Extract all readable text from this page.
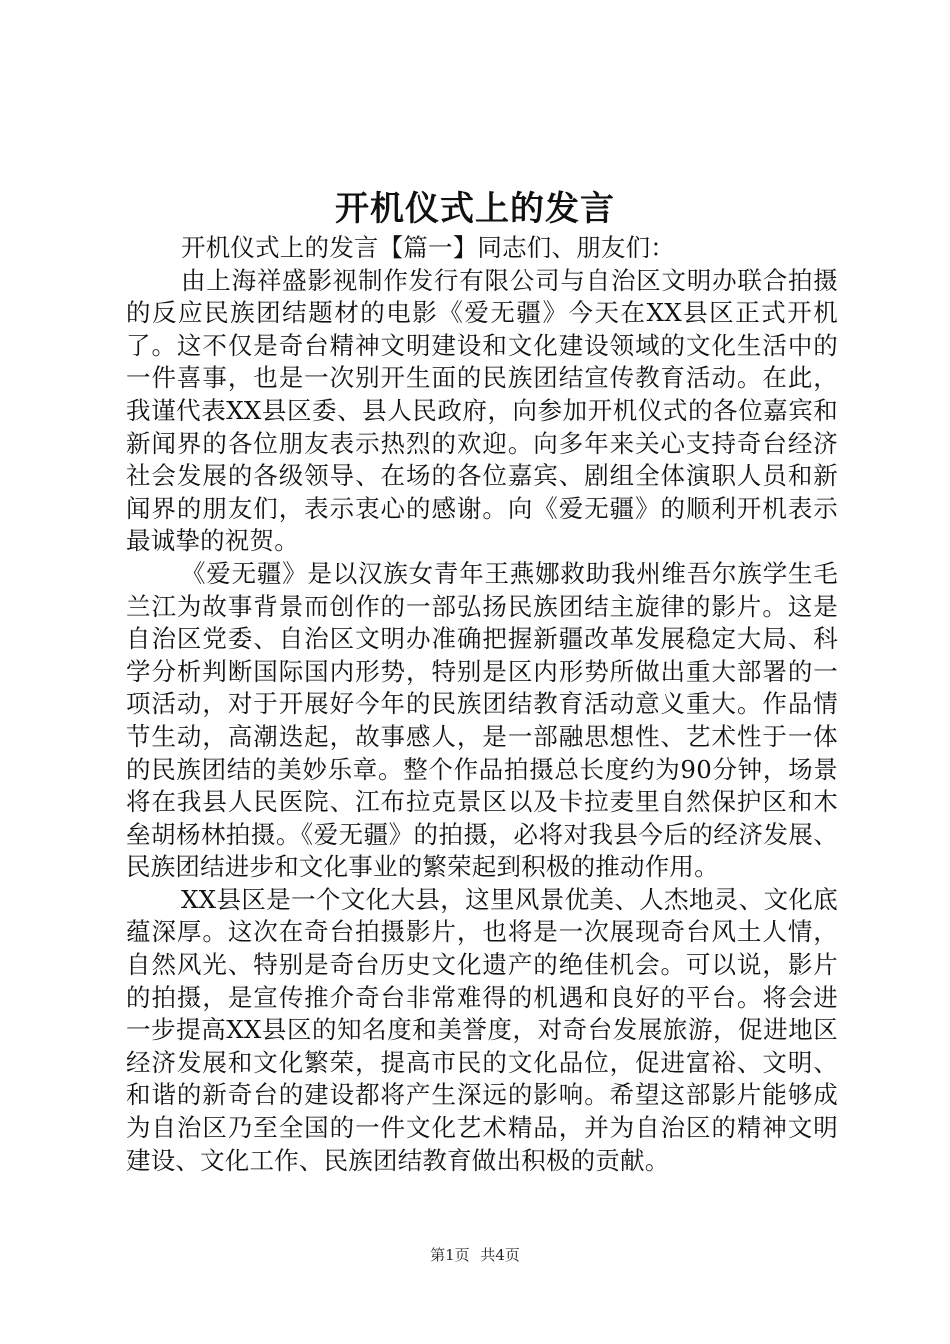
开机仪式上的发言

开机仪式上的发言【篇一】同志们、朋友们：

由上海祥盛影视制作发行有限公司与自治区文明办联合拍摄的反应民族团结题材的电影《爱无疆》今天在XX县区正式开机了。这不仅是奇台精神文明建设和文化建设领域的文化生活中的一件喜事，也是一次别开生面的民族团结宣传教育活动。在此，我谨代表XX县区委、县人民政府，向参加开机仪式的各位嘉宾和新闻界的各位朋友表示热烈的欢迎。向多年来关心支持奇台经济社会发展的各级领导、在场的各位嘉宾、剧组全体演职人员和新闻界的朋友们，表示衷心的感谢。向《爱无疆》的顺利开机表示最诚挚的祝贺。

《爱无疆》是以汉族女青年王燕娜救助我州维吾尔族学生毛兰江为故事背景而创作的一部弘扬民族团结主旋律的影片。这是自治区党委、自治区文明办准确把握新疆改革发展稳定大局、科学分析判断国际国内形势，特别是区内形势所做出重大部署的一项活动，对于开展好今年的民族团结教育活动意义重大。作品情节生动，高潮迭起，故事感人，是一部融思想性、艺术性于一体的民族团结的美妙乐章。整个作品拍摄总长度约为90分钟，场景将在我县人民医院、江布拉克景区以及卡拉麦里自然保护区和木垒胡杨林拍摄。《爱无疆》的拍摄，必将对我县今后的经济发展、民族团结进步和文化事业的繁荣起到积极的推动作用。

XX县区是一个文化大县，这里风景优美、人杰地灵、文化底蕴深厚。这次在奇台拍摄影片，也将是一次展现奇台风土人情，自然风光、特别是奇台历史文化遗产的绝佳机会。可以说，影片的拍摄，是宣传推介奇台非常难得的机遇和良好的平台。将会进一步提高XX县区的知名度和美誉度，对奇台发展旅游，促进地区经济发展和文化繁荣，提高市民的文化品位，促进富裕、文明、和谐的新奇台的建设都将产生深远的影响。希望这部影片能够成为自治区乃至全国的一件文化艺术精品，并为自治区的精神文明建设、文化工作、民族团结教育做出积极的贡献。

第1页 共4页
